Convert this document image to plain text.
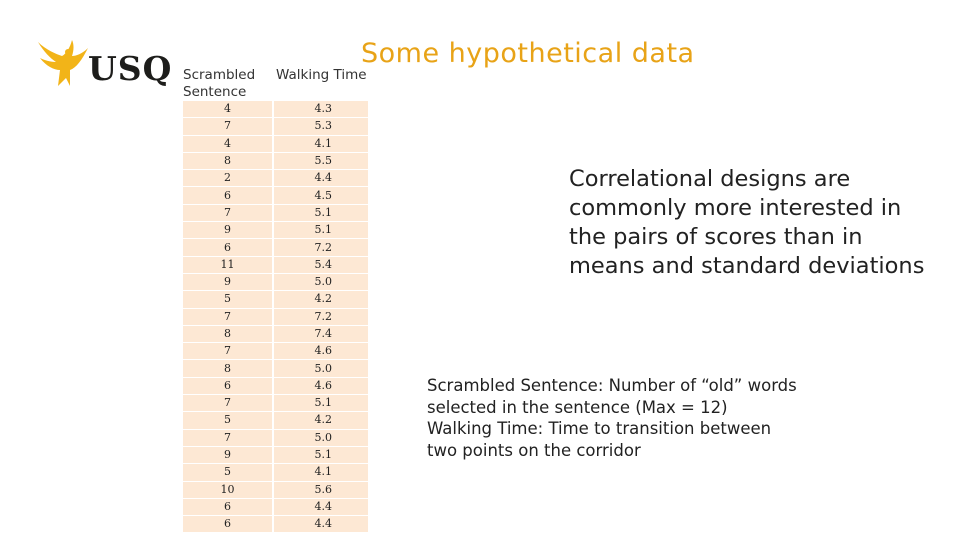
USQ	Some hypothetical data
Scrambled Sentence	Walking Time
4	4.3
7	5.3
4	4.1
8	5.5
2	4.4
6	4.5
7	5.1
9	5.1
6	7.2
11	5.4
9	5.0
5	4.2
7	7.2
8	7.4
7	4.6
8	5.0
6	4.6
7	5.1
5	4.2
7	5.0
9	5.1
5	4.1
10	5.6
6	4.4
6	4.4

Correlational designs are commonly more interested in the pairs of scores than in means and standard deviations

Scrambled Sentence: Number of “old” words selected in the sentence (Max = 12)

Walking Time: Time to transition between two points on the corridor
